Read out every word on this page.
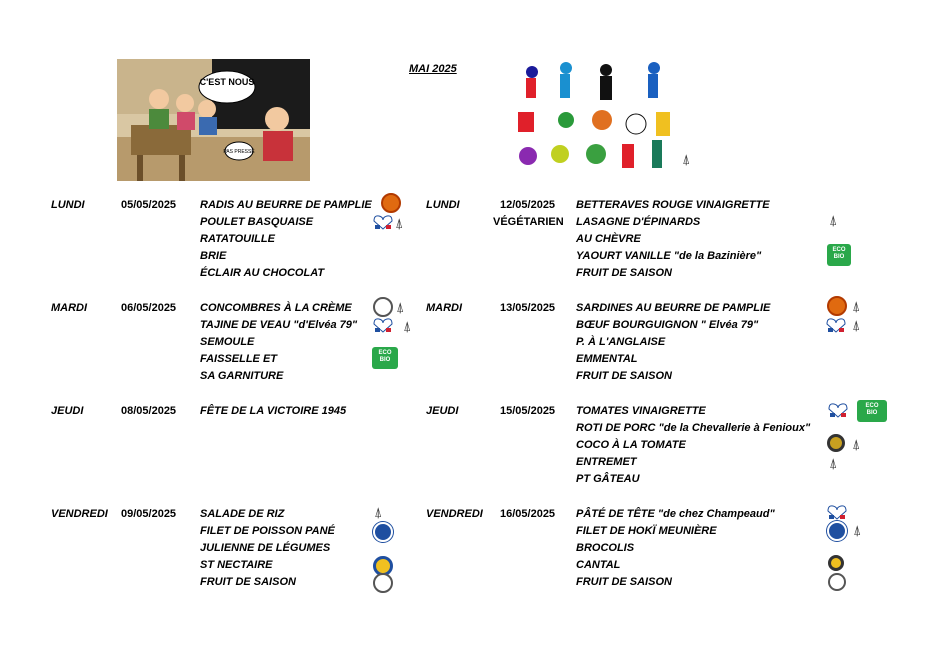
C'EST NOUS
PAS PRESSÉ
MAI 2025
⍋
LUNDI	05/05/2025 RADIS AU BEURRE DE PAMPLIE
POULET BASQUAISE
RATATOUILLE
BRIE
ÉCLAIR AU CHOCOLAT
⍋
MARDI	06/05/2025 CONCOMBRES À LA CRÈME
TAJINE DE VEAU "d'Elvéa 79"
SEMOULE
FAISSELLE ET
SA GARNITURE
⍋
⍋
ECO
BIO
JEUDI	08/05/2025 FÊTE DE LA VICTOIRE 1945
VENDREDI 09/05/2025 SALADE DE RIZ
FILET DE POISSON PANÉ
JULIENNE DE LÉGUMES
ST NECTAIRE
FRUIT DE SAISON
⍋
LUNDI	12/05/2025
VÉGÉTARIEN
BETTERAVES ROUGE VINAIGRETTE
LASAGNE D'ÉPINARDS
AU CHÈVRE
YAOURT VANILLE "de la Bazinière"
FRUIT DE SAISON
⍋
ECO
BIO
MARDI	13/05/2025 SARDINES AU BEURRE DE PAMPLIE
BŒUF BOURGUIGNON " Elvéa 79"
P. À L'ANGLAISE
EMMENTAL
FRUIT DE SAISON
⍋
⍋
JEUDI	15/05/2025 TOMATES VINAIGRETTE
ROTI DE PORC "de la Chevallerie à Fenioux"
COCO À LA TOMATE
ENTREMET
PT GÂTEAU
ECO
BIO
⍋
⍋
VENDREDI 16/05/2025 PÂTÉ DE TÊTE "de chez Champeaud"
FILET DE HOKÏ MEUNIÈRE
BROCOLIS
CANTAL
FRUIT DE SAISON
⍋
